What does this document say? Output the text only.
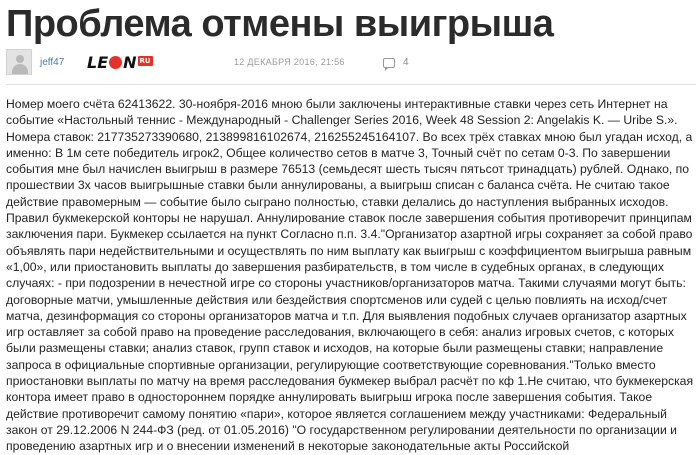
Проблема отмены выигрыша
jeff47 LE N RU	12 ДЕКАБРЯ 2016, 21:56	4

Номер моего счёта 62413622. 30-ноября-2016 мною были заключены интерактивные ставки через сеть Интернет на событие «Настольный теннис - Международный - Challenger Series 2016, Week 48 Session 2: Angelakis K. — Uribe S.». Номера ставок: 217735273390680, 213899816102674, 216255245164107. Во всех трёх ставках мною был угадан исход, а именно: В 1м сете победитель игрок2, Общее количество сетов в матче 3, Точный счёт по сетам 0-3. По завершении события мне был начислен выигрыш в размере 76513 (семьдесят шесть тысяч пятьсот тринадцать) рублей. Однако, по прошествии 3х часов выигрышные ставки были аннулированы, а выигрыш списан с баланса счёта. Не считаю такое действие правомерным — событие было сыграно полностью, ставки делались до наступления выбранных исходов. Правил букмекерской конторы не нарушал. Аннулирование ставок после завершения события противоречит принципам заключения пари. Букмекер ссылается на пункт Согласно п.п. 3.4."Организатор азартной игры сохраняет за собой право объявлять пари недействительными и осуществлять по ним выплату как выигрыш с коэффициентом выигрыша равным «1,00», или приостановить выплаты до завершения разбирательств, в том числе в судебных органах, в следующих случаях: - при подозрении в нечестной игре со стороны участников/организаторов матча. Такими случаями могут быть: договорные матчи, умышленные действия или бездействия спортсменов или судей с целью повлиять на исход/счет матча, дезинформация со стороны организаторов матча и т.п. Для выявления подобных случаев организатор азартных игр оставляет за собой право на проведение расследования, включающего в себя: анализ игровых счетов, с которых были размещены ставки; анализ ставок, групп ставок и исходов, на которые были размещены ставки; направление запроса в официальные спортивные организации, регулирующие соответствующие соревнования."Только вместо приостановки выплаты по матчу на время расследования букмекер выбрал расчёт по кф 1.Не считаю, что букмекерская контора имеет право в одностороннем порядке аннулировать выигрыш игрока после завершения события. Такое действие противоречит самому понятию «пари», которое является соглашением между участниками: Федеральный закон от 29.12.2006 N 244-ФЗ (ред. от 01.05.2016) "О государственном регулировании деятельности по организации и проведению азартных игр и о внесении изменений в некоторые законодательные акты Российской
